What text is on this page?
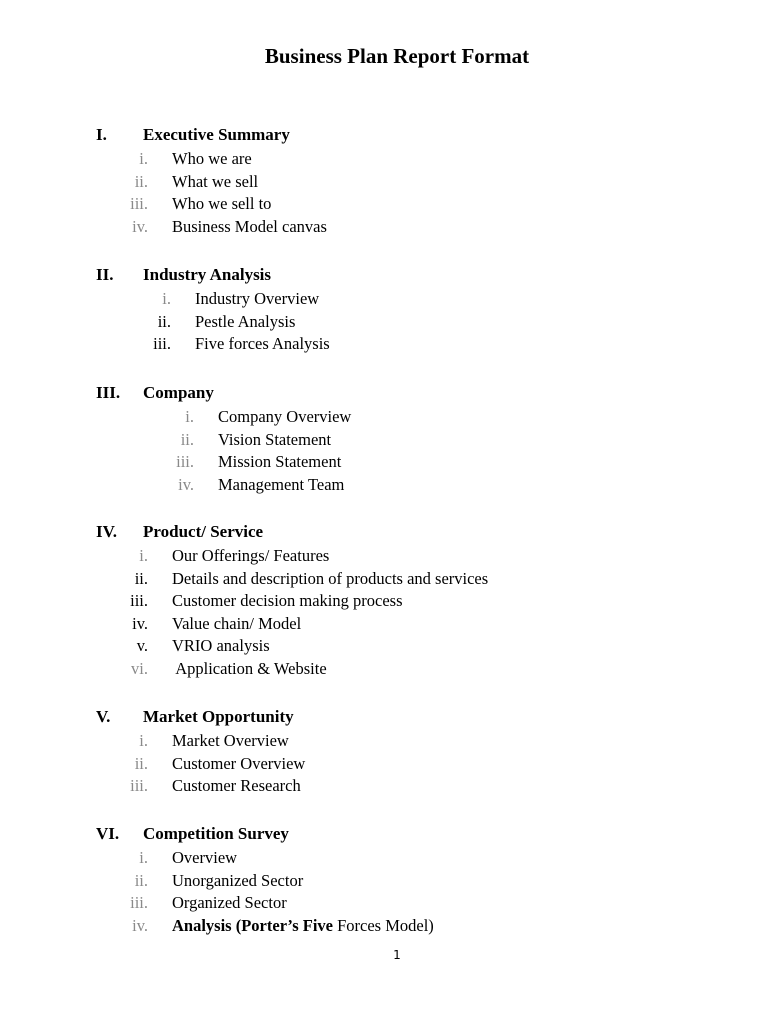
Business Plan Report Format
I. Executive Summary
i. Who we are
ii. What we sell
iii. Who we sell to
iv. Business Model canvas
II. Industry Analysis
i. Industry Overview
ii. Pestle Analysis
iii. Five forces Analysis
III. Company
i. Company Overview
ii. Vision Statement
iii. Mission Statement
iv. Management Team
IV. Product/ Service
i. Our Offerings/ Features
ii. Details and description of products and services
iii. Customer decision making process
iv. Value chain/ Model
v. VRIO analysis
vi. Application & Website
V. Market Opportunity
i. Market Overview
ii. Customer Overview
iii. Customer Research
VI. Competition Survey
i. Overview
ii. Unorganized Sector
iii. Organized Sector
iv. Analysis (Porter’s Five Forces Model)
1
